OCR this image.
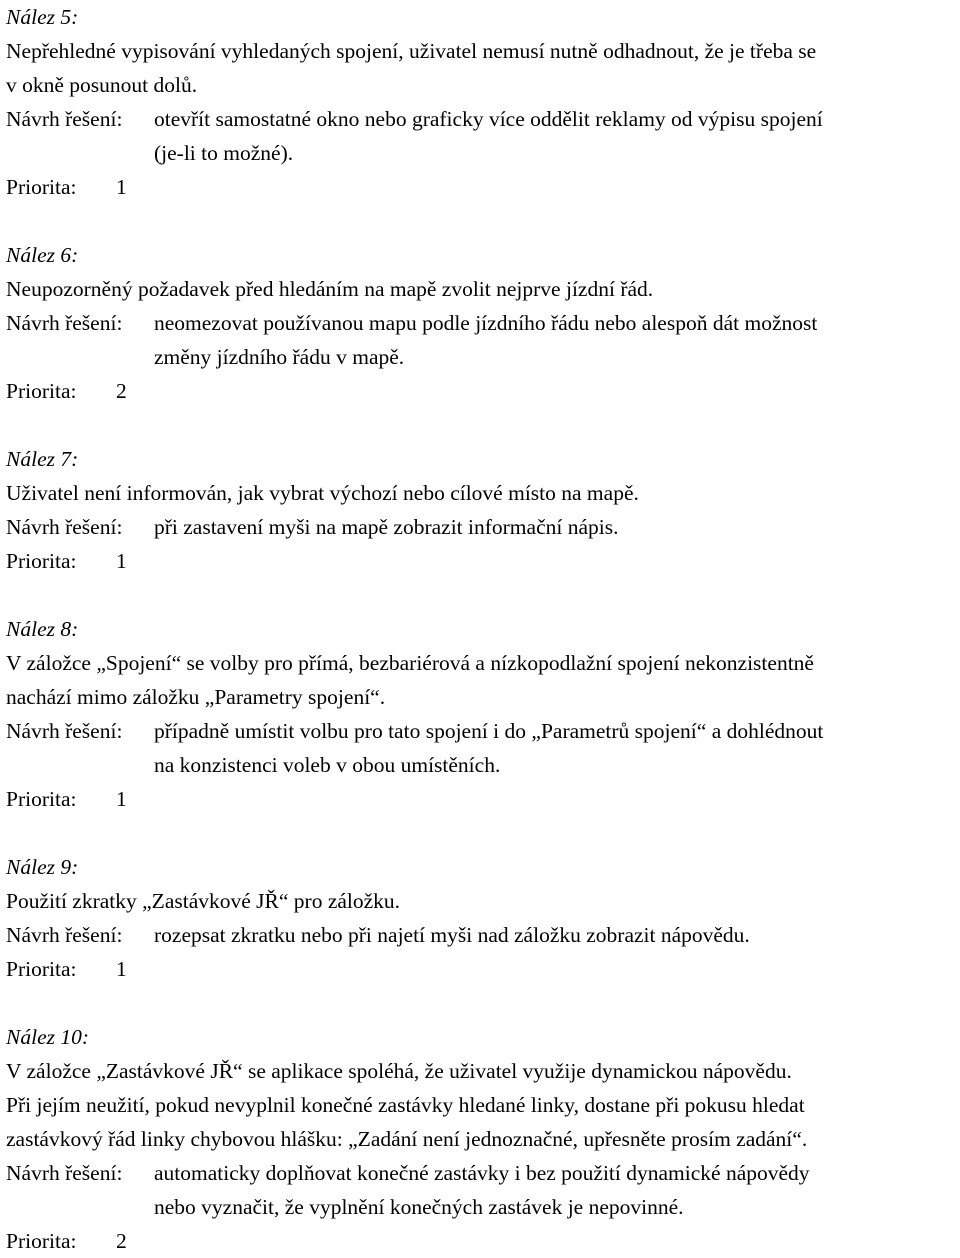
Nález 5:

Nepřehledné vypisování vyhledaných spojení, uživatel nemusí nutně odhadnout, že je třeba se

v okně posunout dolů.

Návrh řešení:	otevřít samostatné okno nebo graficky více oddělit reklamy od výpisu spojení
(je-li to možné).
Priorita:	1

Nález 6:

Neupozorněný požadavek před hledáním na mapě zvolit nejprve jízdní řád.

Návrh řešení:	neomezovat používanou mapu podle jízdního řádu nebo alespoň dát možnost
změny jízdního řádu v mapě.
Priorita:	2

Nález 7:

Uživatel není informován, jak vybrat výchozí nebo cílové místo na mapě.

Návrh řešení:	při zastavení myši na mapě zobrazit informační nápis.
Priorita:	1

Nález 8:

V záložce „Spojení“ se volby pro přímá, bezbariérová a nízkopodlažní spojení nekonzistentně

nachází mimo záložku „Parametry spojení“.

Návrh řešení:	případně umístit volbu pro tato spojení i do „Parametrů spojení“ a dohlédnout
na konzistenci voleb v obou umístěních.
Priorita:	1

Nález 9:

Použití zkratky „Zastávkové JŘ“ pro záložku.

Návrh řešení:	rozepsat zkratku nebo při najetí myši nad záložku zobrazit nápovědu.
Priorita:	1

Nález 10:

V záložce „Zastávkové JŘ“ se aplikace spoléhá, že uživatel využije dynamickou nápovědu.

Při jejím neužití, pokud nevyplnil konečné zastávky hledané linky, dostane při pokusu hledat

zastávkový řád linky chybovou hlášku: „Zadání není jednoznačné, upřesněte prosím zadání“.

Návrh řešení:	automaticky doplňovat konečné zastávky i bez použití dynamické nápovědy
nebo vyznačit, že vyplnění konečných zastávek je nepovinné.
Priorita:	2
